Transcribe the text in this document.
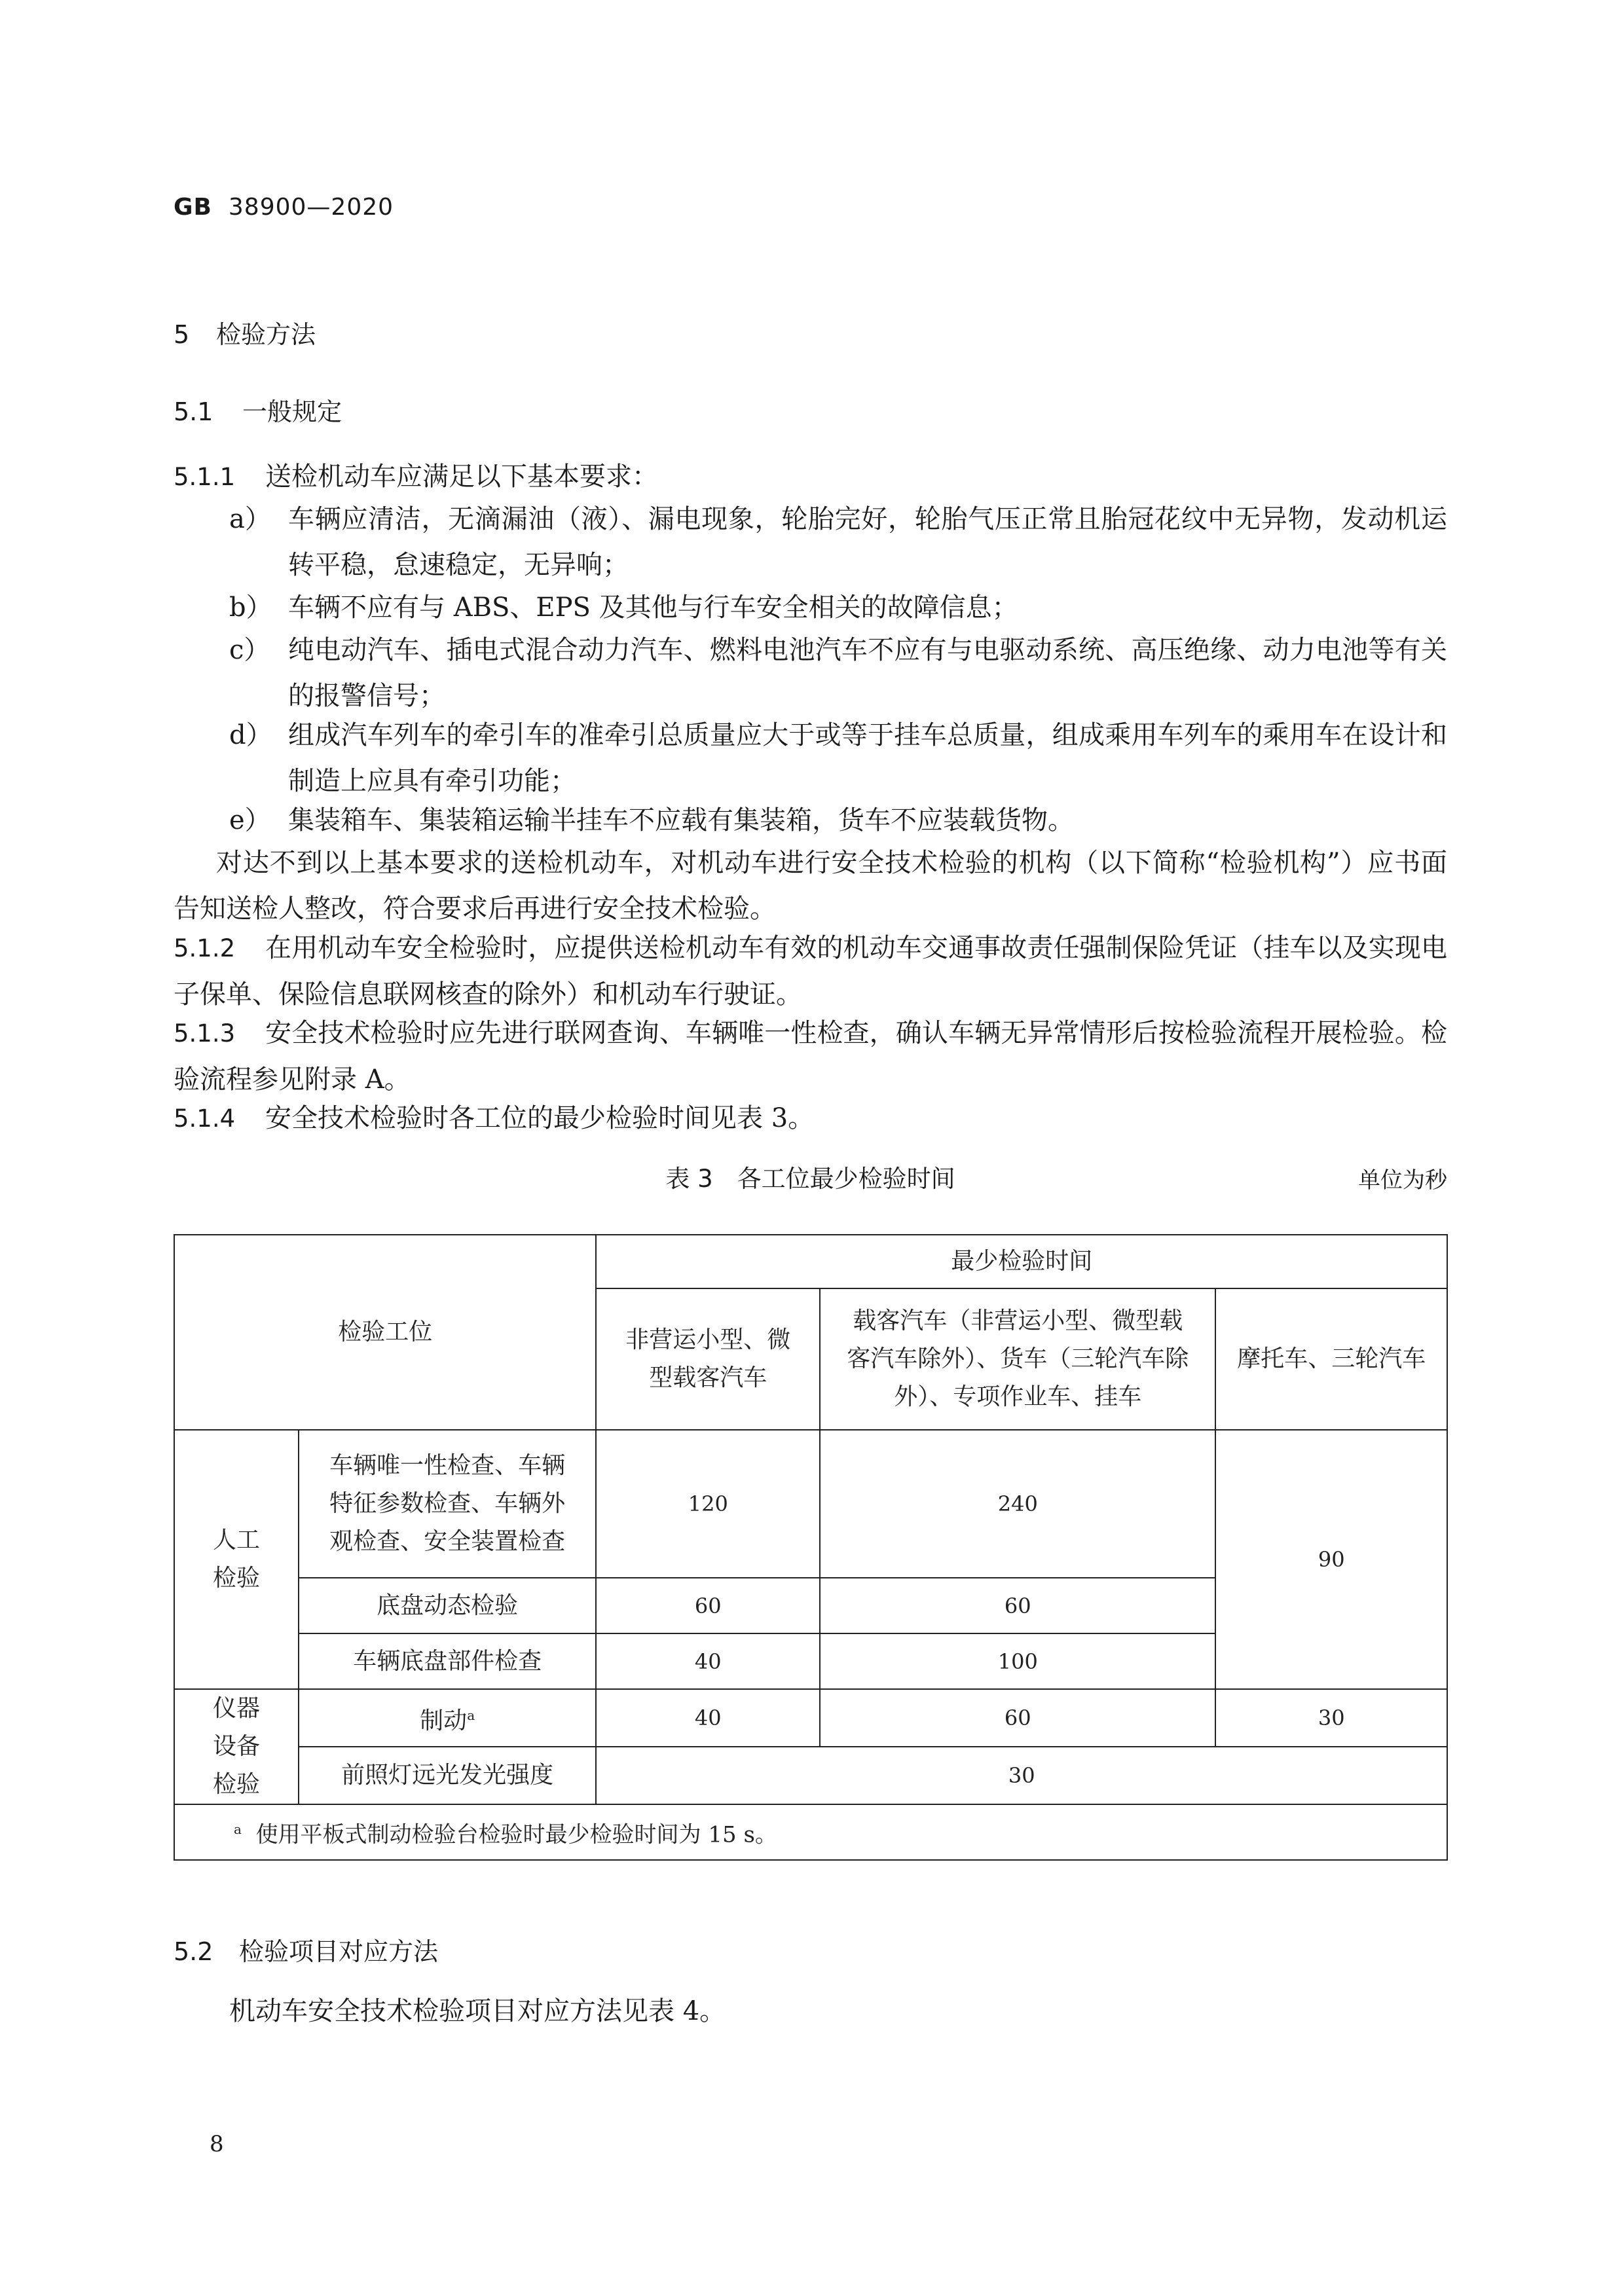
GB 38900—2020
5 检验方法
5.1 一般规定
5.1.1 送检机动车应满足以下基本要求：
a） 车辆应清洁，无滴漏油（液）、漏电现象，轮胎完好，轮胎气压正常且胎冠花纹中无异物，发动机运转平稳，怠速稳定，无异响；
b） 车辆不应有与 ABS、EPS 及其他与行车安全相关的故障信息；
c） 纯电动汽车、插电式混合动力汽车、燃料电池汽车不应有与电驱动系统、高压绝缘、动力电池等有关的报警信号；
d） 组成汽车列车的牵引车的准牵引总质量应大于或等于挂车总质量，组成乘用车列车的乘用车在设计和制造上应具有牵引功能；
e） 集装箱车、集装箱运输半挂车不应载有集装箱，货车不应装载货物。
对达不到以上基本要求的送检机动车，对机动车进行安全技术检验的机构（以下简称“检验机构”）应书面告知送检人整改，符合要求后再进行安全技术检验。
5.1.2 在用机动车安全检验时，应提供送检机动车有效的机动车交通事故责任强制保险凭证（挂车以及实现电子保单、保险信息联网核查的除外）和机动车行驶证。
5.1.3 安全技术检验时应先进行联网查询、车辆唯一性检查，确认车辆无异常情形后按检验流程开展检验。检验流程参见附录 A。
5.1.4 安全技术检验时各工位的最少检验时间见表 3。
表 3　各工位最少检验时间	单位为秒
检验工位		最少检验时间		
		非营运小型、微型载客汽车	载客汽车（非营运小型、微型载客汽车除外）、货车（三轮汽车除外）、专项作业车、挂车	摩托车、三轮汽车
人工检验	车辆唯一性检查、车辆特征参数检查、车辆外观检查、安全装置检查	120	240	90
	底盘动态检验	60	60	
	车辆底盘部件检查	40	100	
仪器设备检验	制动$^a$	40	60	30
	前照灯远光发光强度	30		
$^a$ 使用平板式制动检验台检验时最少检验时间为 15 s。				
5.2 检验项目对应方法
机动车安全技术检验项目对应方法见表 4。
8
